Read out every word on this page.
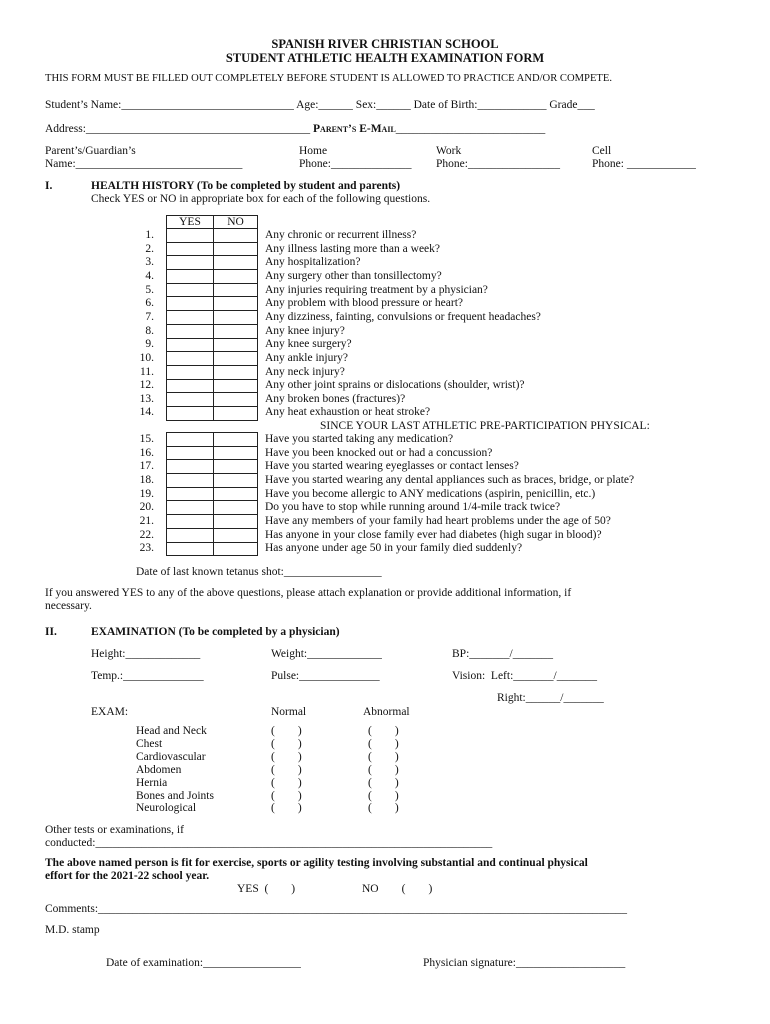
SPANISH RIVER CHRISTIAN SCHOOL
STUDENT ATHLETIC HEALTH EXAMINATION FORM
THIS FORM MUST BE FILLED OUT COMPLETELY BEFORE STUDENT IS ALLOWED TO PRACTICE AND/OR COMPETE.
Student’s Name:______________________________ Age:______ Sex:______ Date of Birth:____________ Grade___
Address:_______________________________________ Parent’s E-Mail__________________________
Parent’s/Guardian’s
Name:_____________________________
Home
Phone:______________
Work
Phone:________________
Cell
Phone: ____________
I.	HEALTH HISTORY (To be completed by student and parents)
Check YES or NO in appropriate box for each of the following questions.
YES	NO

1.	Any chronic or recurrent illness?
2.	Any illness lasting more than a week?
3.	Any hospitalization?
4.	Any surgery other than tonsillectomy?
5.	Any injuries requiring treatment by a physician?
6.	Any problem with blood pressure or heart?
7.	Any dizziness, fainting, convulsions or frequent headaches?
8.	Any knee injury?
9.	Any knee surgery?
10.	Any ankle injury?
11.	Any neck injury?
12.	Any other joint sprains or dislocations (shoulder, wrist)?
13.	Any broken bones (fractures)?
14.	Any heat exhaustion or heat stroke?
SINCE YOUR LAST ATHLETIC PRE-PARTICIPATION PHYSICAL:

15.	Have you started taking any medication?
16.	Have you been knocked out or had a concussion?
17.	Have you started wearing eyeglasses or contact lenses?
18.	Have you started wearing any dental appliances such as braces, bridge, or plate?
19.	Have you become allergic to ANY medications (aspirin, penicillin, etc.)
20.	Do you have to stop while running around 1/4-mile track twice?
21.	Have any members of your family had heart problems under the age of 50?
22.	Has anyone in your close family ever had diabetes (high sugar in blood)?
23.	Has anyone under age 50 in your family died suddenly?
Date of last known tetanus shot:_________________
If you answered YES to any of the above questions, please attach explanation or provide additional information, if
necessary.
II.	EXAMINATION (To be completed by a physician)
Height:_____________	Weight:_____________	BP:_______/_______
Temp.:______________	Pulse:______________	Vision:  Left:_______/_______
Right:______/_______
EXAM:	Normal	Abnormal
Head and Neck	(        )	(        )
Chest	(        )	(        )
Cardiovascular	(        )	(        )
Abdomen	(        )	(        )
Hernia	(        )	(        )
Bones and Joints	(        )	(        )
Neurological	(        )	(        )
Other tests or examinations, if
conducted:_____________________________________________________________________
The above named person is fit for exercise, sports or agility testing involving substantial and continual physical
effort for the 2021-22 school year.
YES  (        )	NO        (        )
Comments:____________________________________________________________________________________________
M.D. stamp
Date of examination:_________________	Physician signature:___________________
